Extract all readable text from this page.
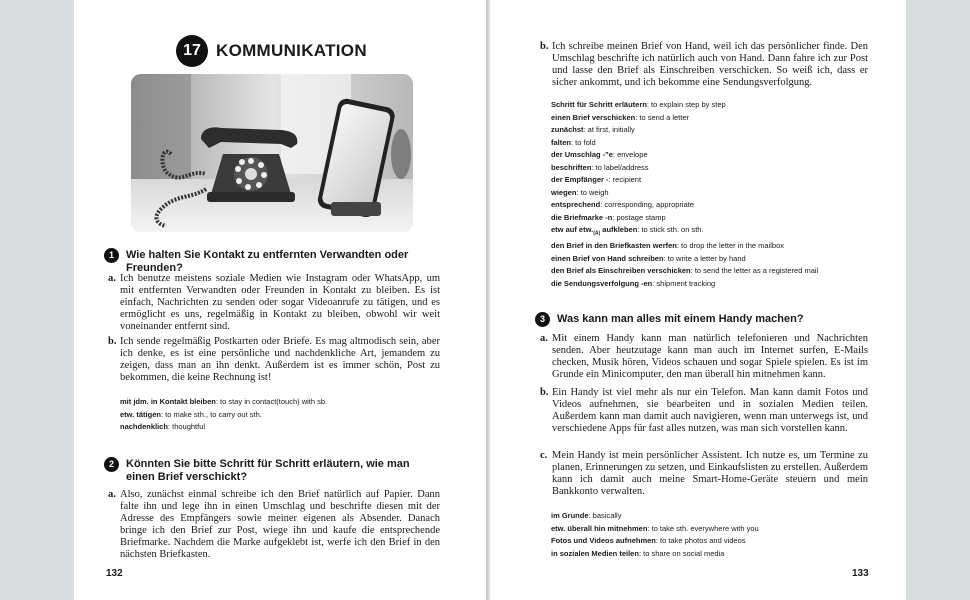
17 KOMMUNIKATION
1	Wie halten Sie Kontakt zu entfernten Verwandten oder Freunden?
a. Ich benutze meistens soziale Medien wie Instagram oder WhatsApp, um mit entfernten Verwandten oder Freunden in Kontakt zu bleiben. Es ist einfach, Nachrichten zu senden oder sogar Videoanrufe zu tätigen, und es ermöglicht es uns, regelmäßig in Kontakt zu bleiben, obwohl wir weit voneinander entfernt sind.
b. Ich sende regelmäßig Postkarten oder Briefe. Es mag altmodisch sein, aber ich denke, es ist eine persönliche und nachdenkliche Art, jemandem zu zeigen, dass man an ihn denkt. Außerdem ist es immer schön, Post zu bekommen, die keine Rechnung ist!
mit jdm. in Kontakt bleiben: to stay in contact(touch) with sb.
etw. tätigen: to make sth., to carry out sth.
nachdenklich: thoughtful
2	Könnten Sie bitte Schritt für Schritt erläutern, wie man einen Brief verschickt?
a. Also, zunächst einmal schreibe ich den Brief natürlich auf Papier. Dann falte ihn und lege ihn in einen Umschlag und beschrifte diesen mit der Adresse des Empfängers sowie meiner eigenen als Absender. Danach bringe ich den Brief zur Post, wiege ihn und kaufe die entsprechende Briefmarke. Nachdem die Marke aufgeklebt ist, werfe ich den Brief in den nächsten Briefkasten.
132
b. Ich schreibe meinen Brief von Hand, weil ich das persönlicher finde. Den Umschlag beschrifte ich natürlich auch von Hand. Dann fahre ich zur Post und lasse den Brief als Einschreiben verschicken. So weiß ich, dass er sicher ankommt, und ich bekomme eine Sendungsverfolgung.
Schritt für Schritt erläutern: to explain step by step
einen Brief verschicken: to send a letter
zunächst: at first, initially
falten: to fold
der Umschlag -"e: envelope
beschriften: to label/address
der Empfänger -: recipient
wiegen: to weigh
entsprechend: corresponding, appropriate
die Briefmarke -n: postage stamp
etw auf $etw._{(A)}$ aufkleben: to stick sth. on sth.
den Brief in den Briefkasten werfen: to drop the letter in the mailbox
einen Brief von Hand schreiben: to write a letter by hand
den Brief als Einschreiben verschicken: to send the letter as a registered mail
die Sendungsverfolgung -en: shipment tracking
3	Was kann man alles mit einem Handy machen?
a. Mit einem Handy kann man natürlich telefonieren und Nachrichten senden. Aber heutzutage kann man auch im Internet surfen, E-Mails checken, Musik hören, Videos schauen und sogar Spiele spielen. Es ist im Grunde ein Minicomputer, den man überall hin mitnehmen kann.
b. Ein Handy ist viel mehr als nur ein Telefon. Man kann damit Fotos und Videos aufnehmen, sie bearbeiten und in sozialen Medien teilen. Außerdem kann man damit auch navigieren, wenn man unterwegs ist, und verschiedene Apps für fast alles nutzen, was man sich vorstellen kann.
c. Mein Handy ist mein persönlicher Assistent. Ich nutze es, um Termine zu planen, Erinnerungen zu setzen, und Einkaufslisten zu erstellen. Außerdem kann ich damit auch meine Smart-Home-Geräte steuern und mein Bankkonto verwalten.
im Grunde: basically
etw. überall hin mitnehmen: to take sth. everywhere with you
Fotos und Videos aufnehmen: to take photos and videos
in sozialen Medien teilen: to share on social media
133
